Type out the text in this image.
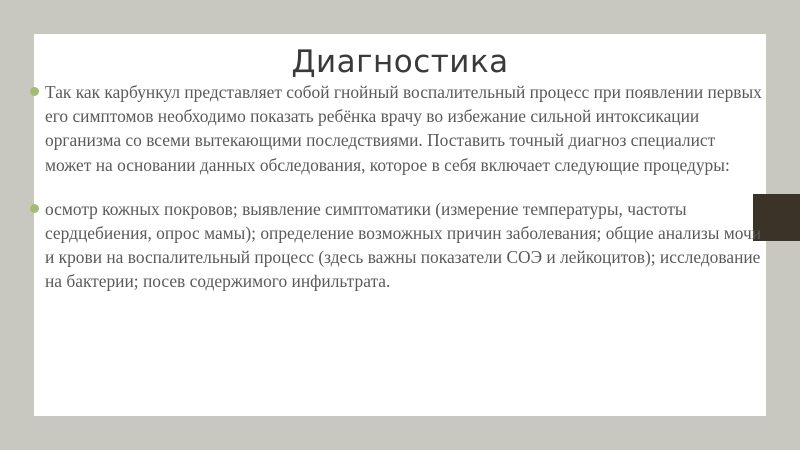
Диагностика
Так как карбункул представляет собой гнойный воспалительный процесс при появлении первых его симптомов необходимо показать ребёнка врачу во избежание сильной интоксикации организма со всеми вытекающими последствиями. Поставить точный диагноз специалист может на основании данных обследования, которое в себя включает следующие процедуры:
осмотр кожных покровов; выявление симптоматики (измерение температуры, частоты сердцебиения, опрос мамы); определение возможных причин заболевания; общие анализы мочи и крови на воспалительный процесс (здесь важны показатели СОЭ и лейкоцитов); исследование на бактерии; посев содержимого инфильтрата.
